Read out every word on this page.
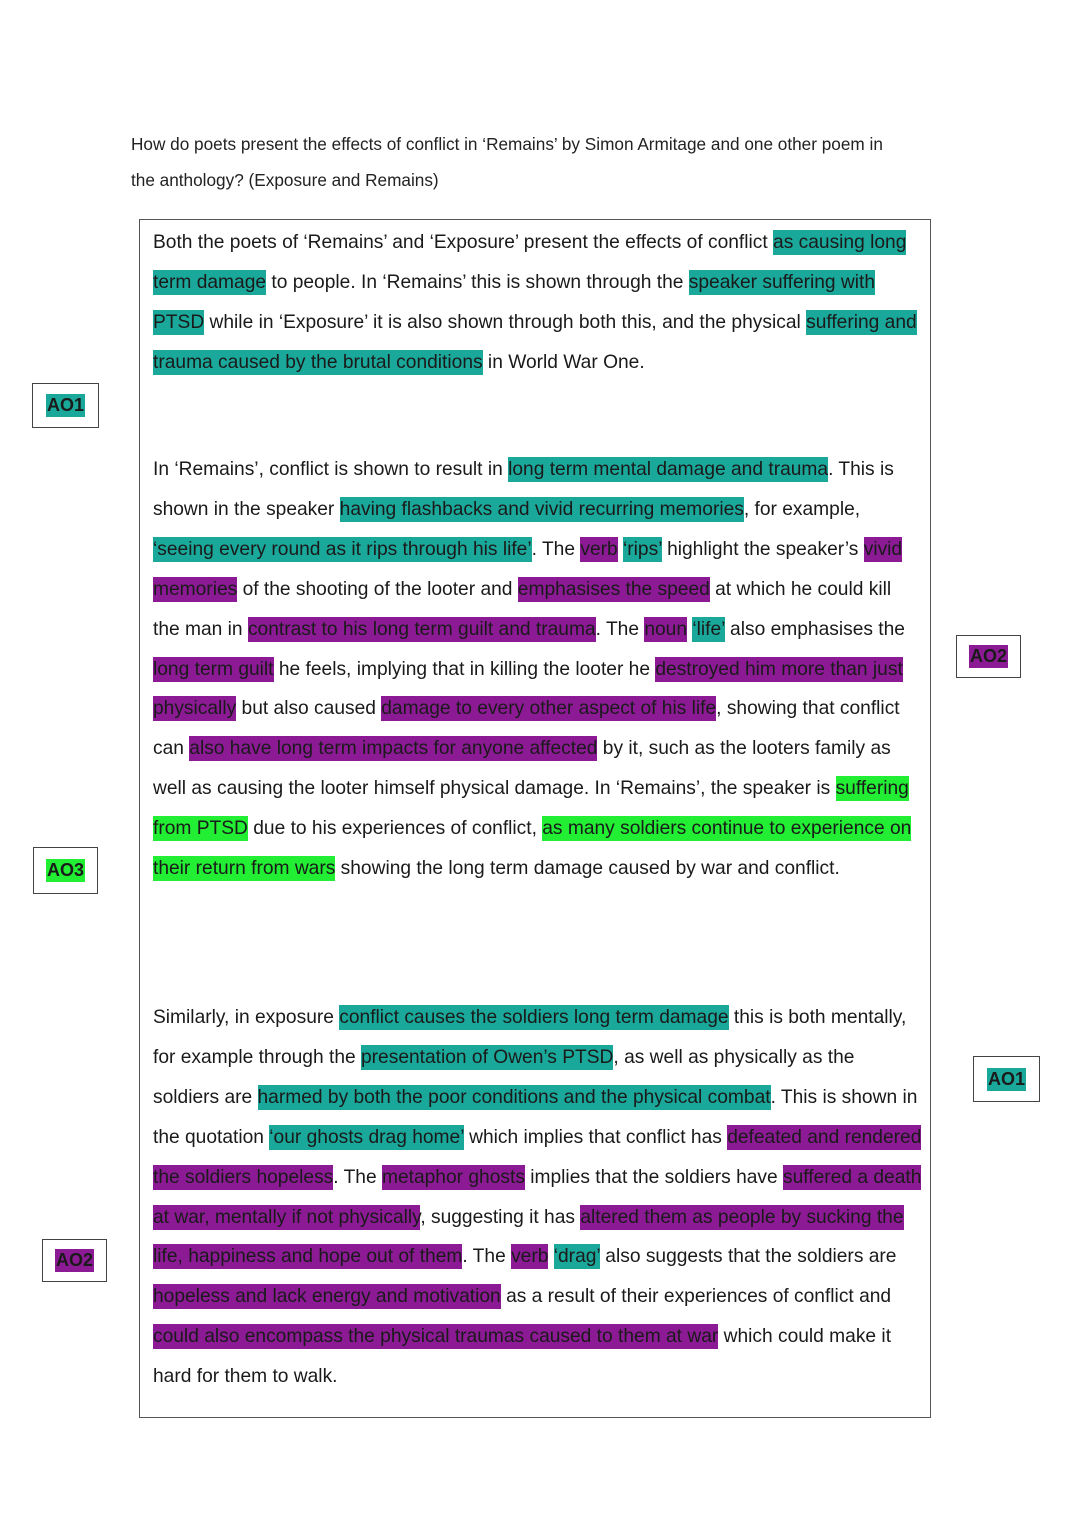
How do poets present the effects of conflict in ‘Remains’ by Simon Armitage and one other poem in
the anthology? (Exposure and Remains)

Both the poets of ‘Remains’ and ‘Exposure’ present the effects of conflict as causing long term damage to people. In ‘Remains’ this is shown through the speaker suffering with PTSD while in ‘Exposure’ it is also shown through both this, and the physical suffering and trauma caused by the brutal conditions in World War One.

In ‘Remains’, conflict is shown to result in long term mental damage and trauma. This is shown in the speaker having flashbacks and vivid recurring memories, for example, ‘seeing every round as it rips through his life’. The verb ‘rips’ highlight the speaker’s vivid memories of the shooting of the looter and emphasises the speed at which he could kill the man in contrast to his long term guilt and trauma. The noun ‘life’ also emphasises the long term guilt he feels, implying that in killing the looter he destroyed him more than just physically but also caused damage to every other aspect of his life, showing that conflict can also have long term impacts for anyone affected by it, such as the looters family as well as causing the looter himself physical damage. In ‘Remains’, the speaker is suffering from PTSD due to his experiences of conflict, as many soldiers continue to experience on their return from wars showing the long term damage caused by war and conflict.

Similarly, in exposure conflict causes the soldiers long term damage this is both mentally, for example through the presentation of Owen’s PTSD, as well as physically as the soldiers are harmed by both the poor conditions and the physical combat. This is shown in the quotation ‘our ghosts drag home’ which implies that conflict has defeated and rendered the soldiers hopeless. The metaphor ghosts implies that the soldiers have suffered a death at war, mentally if not physically, suggesting it has altered them as people by sucking the life, happiness and hope out of them. The verb ‘drag’ also suggests that the soldiers are hopeless and lack energy and motivation as a result of their experiences of conflict and could also encompass the physical traumas caused to them at war which could make it hard for them to walk.

AO1
AO3
AO2
AO2
AO1
